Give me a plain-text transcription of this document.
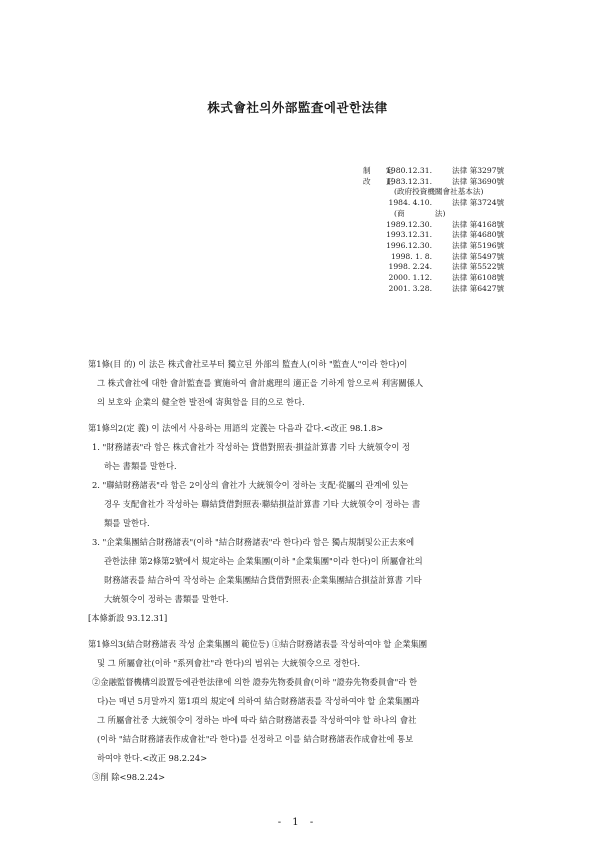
株式會社의外部監査에관한法律
制　　定
1980.12.31.	法律 第3297號
改　　正
1983.12.31.	法律 第3690號
(政府投資機關會社基本法)
1984. 4.10.	法律 第3724號
(商　　　　法)
1989.12.30.	法律 第4168號
1993.12.31.	法律 第4680號
1996.12.30.	法律 第5196號
1998. 1. 8.	法律 第5497號
1998. 2.24.	法律 第5522號
2000. 1.12.	法律 第6108號
2001. 3.28.	法律 第6427號
第1條(目 的) 이 法은 株式會社로부터 獨立된 外部의 監査人(이하 "監査人"이라 한다)이
그 株式會社에 대한 會計監査를 實施하여 會計處理의 適正을 기하게 함으로써 利害關係人
의 보호와 企業의 健全한 발전에 寄與함을 目的으로 한다.
第1條의2(定 義) 이 法에서 사용하는 用語의 定義는 다음과 같다.<改正 98.1.8>
1. "財務諸表"라 함은 株式會社가 작성하는 貸借對照表·損益計算書 기타 大統領令이 정
하는 書類를 말한다.
2. "聯結財務諸表"라 함은 2이상의 會社가 大統領令이 정하는 支配·從屬의 관계에 있는
경우 支配會社가 작성하는 聯結貸借對照表·聯結損益計算書 기타 大統領令이 정하는 書
類를 말한다.
3. "企業集團結合財務諸表"(이하 "結合財務諸表"라 한다)라 함은 獨占規制및公正去來에
관한法律 第2條第2號에서 規定하는 企業集團(이하 "企業集團"이라 한다)이 所屬會社의
財務諸表를 結合하여 작성하는 企業集團結合貸借對照表·企業集團結合損益計算書 기타
大統領令이 정하는 書類를 말한다.
[本條新設 93.12.31]
第1條의3(結合財務諸表 작성 企業集團의 範位등) ①結合財務諸表를 작성하여야 할 企業集團
및 그 所屬會社(이하 "系列會社"라 한다)의 범위는 大統領令으로 정한다.
②金融監督機構의設置등에관한法律에 의한 證券先物委員會(이하 "證券先物委員會"라 한
다)는 매년 5月말까지 第1項의 規定에 의하여 結合財務諸表를 작성하여야 할 企業集團과
그 所屬會社중 大統領令이 정하는 바에 따라 結合財務諸表를 작성하여야 할 하나의 會社
(이하 "結合財務諸表作成會社"라 한다)를 선정하고 이를 結合財務諸表作成會社에 통보
하여야 한다.<改正 98.2.24>
③削 除<98.2.24>
- 1 -
